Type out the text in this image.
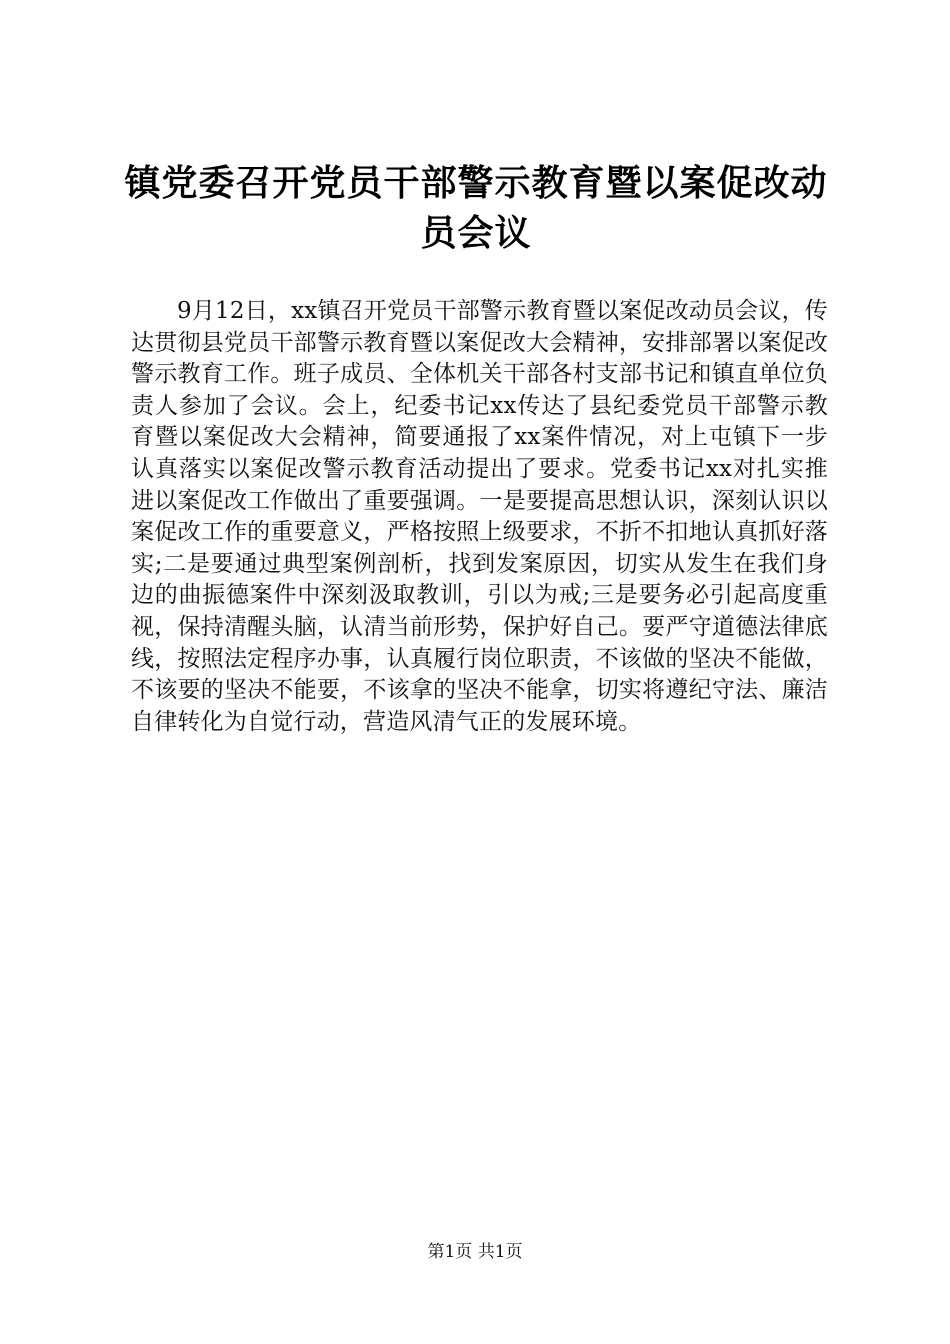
镇党委召开党员干部警示教育暨以案促改动员会议

9月12日，xx镇召开党员干部警示教育暨以案促改动员会议，传达贯彻县党员干部警示教育暨以案促改大会精神，安排部署以案促改警示教育工作。班子成员、全体机关干部各村支部书记和镇直单位负责人参加了会议。会上，纪委书记xx传达了县纪委党员干部警示教育暨以案促改大会精神，简要通报了xx案件情况，对上屯镇下一步认真落实以案促改警示教育活动提出了要求。党委书记xx对扎实推进以案促改工作做出了重要强调。一是要提高思想认识，深刻认识以案促改工作的重要意义，严格按照上级要求，不折不扣地认真抓好落实;二是要通过典型案例剖析，找到发案原因，切实从发生在我们身边的曲振德案件中深刻汲取教训，引以为戒;三是要务必引起高度重视，保持清醒头脑，认清当前形势，保护好自己。要严守道德法律底线，按照法定程序办事，认真履行岗位职责，不该做的坚决不能做，不该要的坚决不能要，不该拿的坚决不能拿，切实将遵纪守法、廉洁自律转化为自觉行动，营造风清气正的发展环境。

第1页 共1页
